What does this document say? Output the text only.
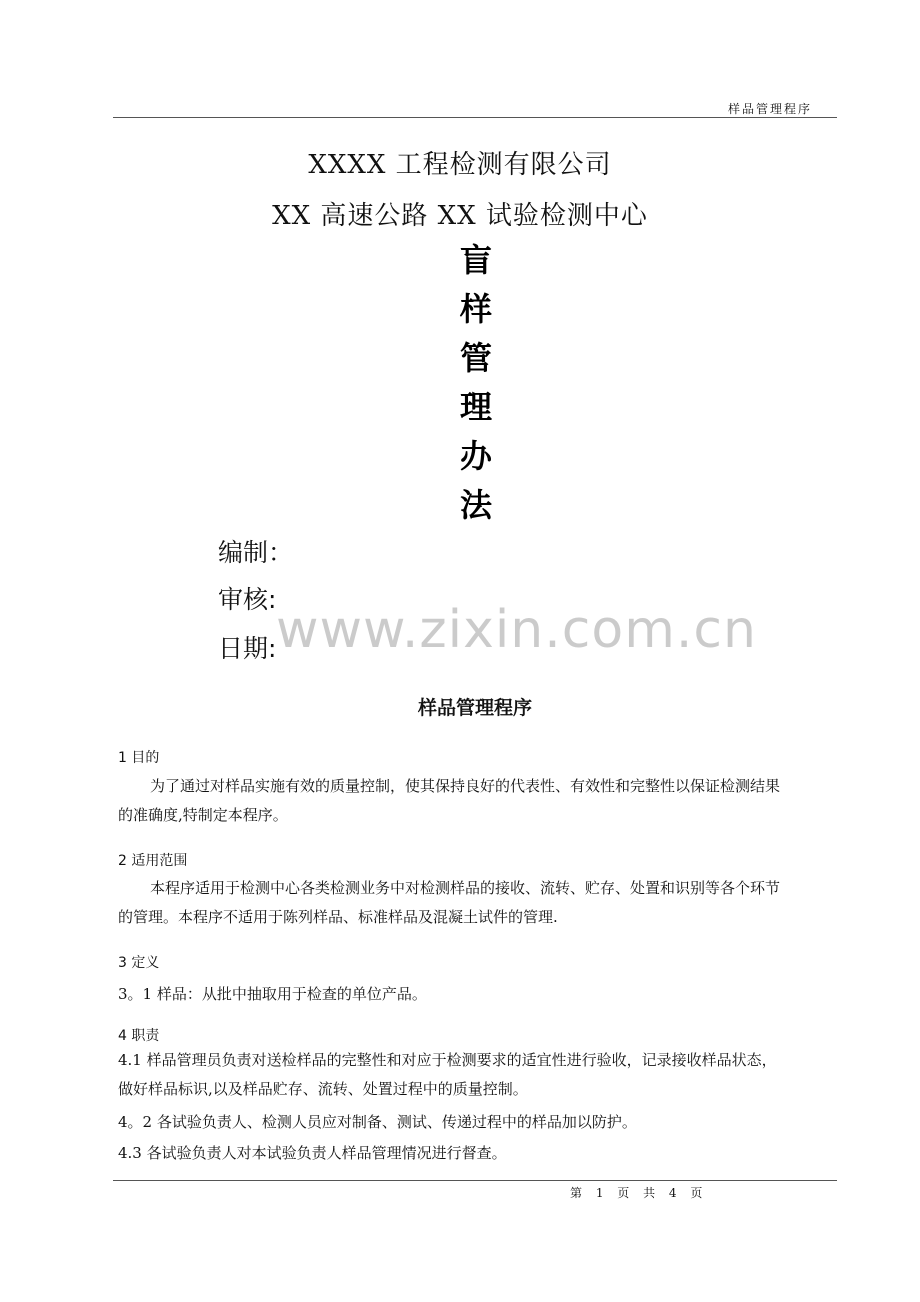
样品管理程序
XXXX 工程检测有限公司
XX 高速公路 XX 试验检测中心
盲
样
管
理
办
法
编制：
审核:
日期: www.zixin.com.cn
样品管理程序
1 目的
为了通过对样品实施有效的质量控制，使其保持良好的代表性、有效性和完整性以保证检测结果
的准确度,特制定本程序。
2 适用范围
本程序适用于检测中心各类检测业务中对检测样品的接收、流转、贮存、处置和识别等各个环节
的管理。本程序不适用于陈列样品、标准样品及混凝土试件的管理.
3 定义
3。1 样品：从批中抽取用于检查的单位产品。
4 职责
4.1 样品管理员负责对送检样品的完整性和对应于检测要求的适宜性进行验收，记录接收样品状态，
做好样品标识,以及样品贮存、流转、处置过程中的质量控制。
4。2 各试验负责人、检测人员应对制备、测试、传递过程中的样品加以防护。
4.3 各试验负责人对本试验负责人样品管理情况进行督查。
第 1 页 共 4 页
